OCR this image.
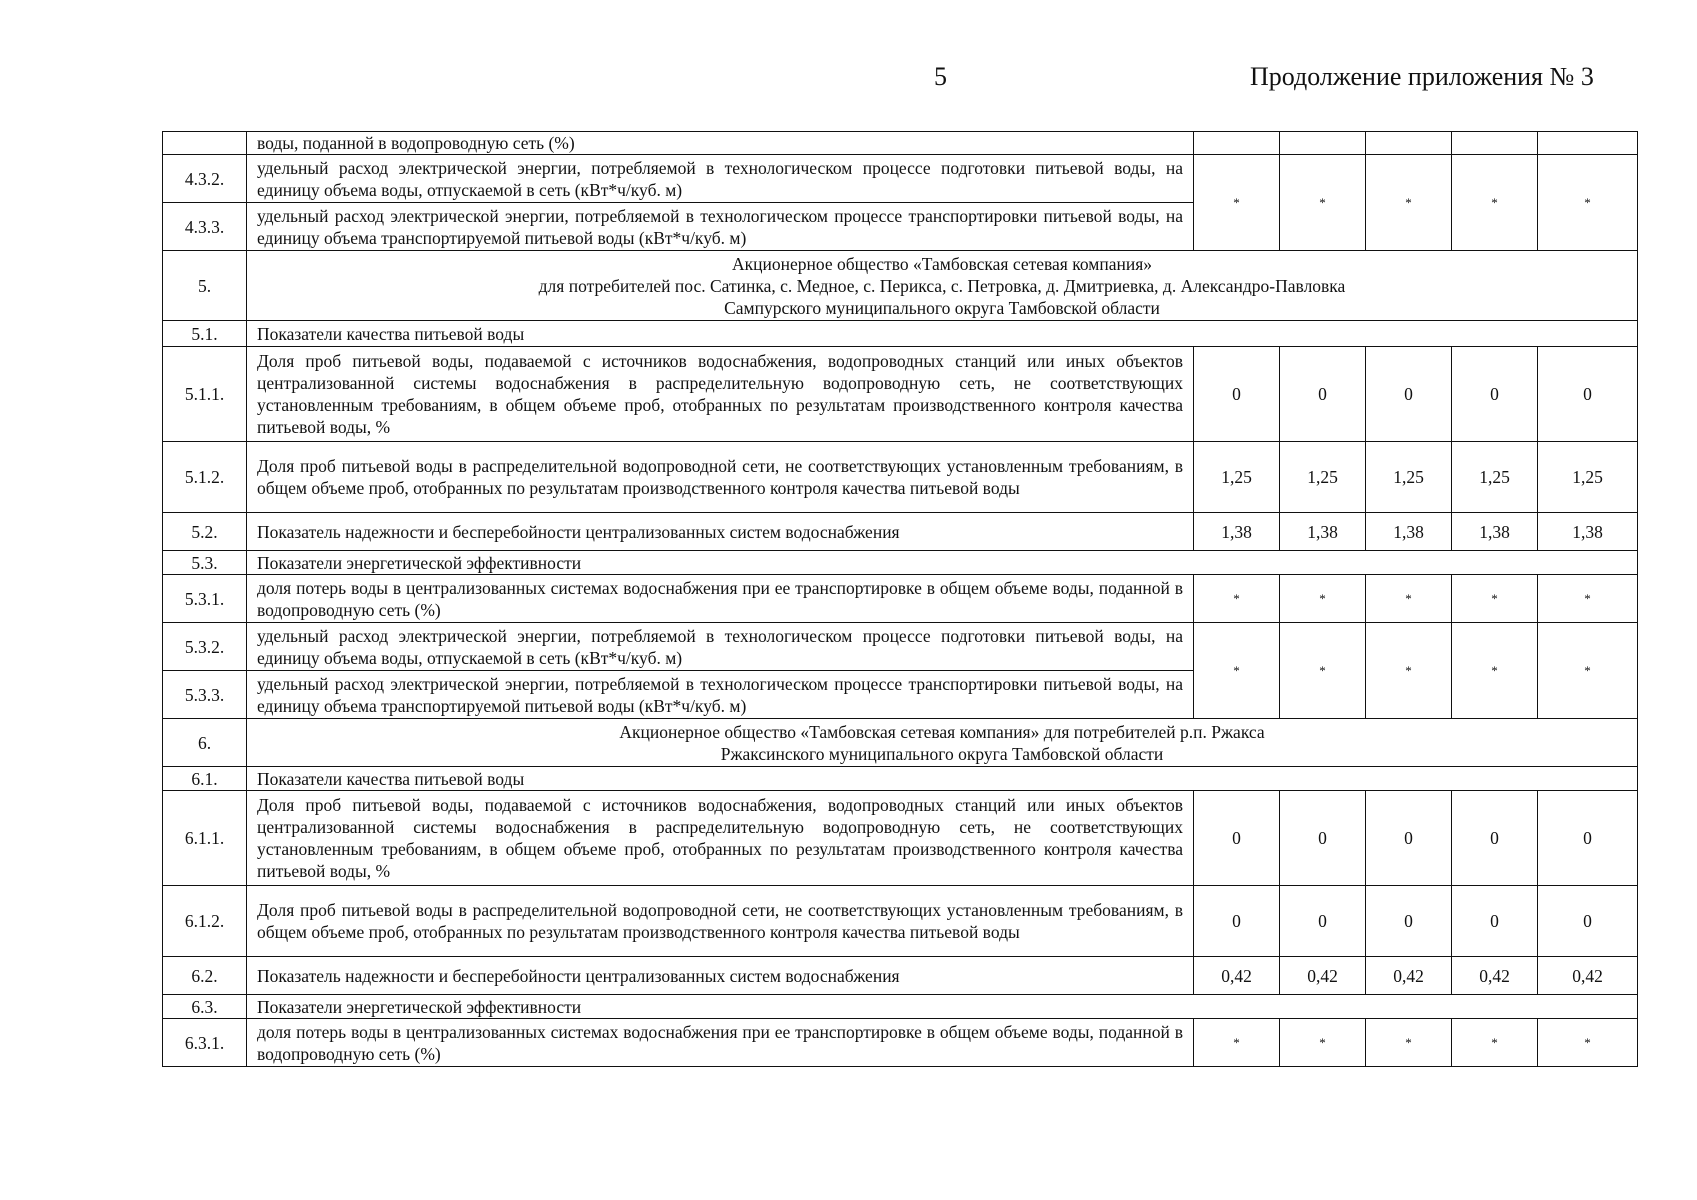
5	Продолжение приложения № 3
	воды, поданной в водопроводную сеть (%)					
4.3.2.	удельный расход электрической энергии, потребляемой в технологическом процессе подготовки питьевой воды, на единицу объема воды, отпускаемой в сеть (кВт*ч/куб. м)	*	*	*	*	*
4.3.3.	удельный расход электрической энергии, потребляемой в технологическом процессе транспортировки питьевой воды, на единицу объема транспортируемой питьевой воды (кВт*ч/куб. м)					
5.	Акционерное общество «Тамбовская сетевая компания»
для потребителей пос. Сатинка, с. Медное, с. Перикса, с. Петровка, д. Дмитриевка, д. Александро-Павловка
Сампурского муниципального округа Тамбовской области					

5.1.	Показатели качества питьевой воды					
5.1.1.	Доля проб питьевой воды, подаваемой с источников водоснабжения, водопроводных станций или иных объектов централизованной системы водоснабжения в распределительную водопроводную сеть, не соответствующих установленным требованиям, в общем объеме проб, отобранных по результатам производственного контроля качества питьевой воды, %	0	0	0	0	0
5.1.2.	Доля проб питьевой воды в распределительной водопроводной сети, не соответствующих установленным требованиям, в общем объеме проб, отобранных по результатам производственного контроля качества питьевой воды	1,25	1,25	1,25	1,25	1,25
5.2.	Показатель надежности и бесперебойности централизованных систем водоснабжения	1,38	1,38	1,38	1,38	1,38
5.3.	Показатели энергетической эффективности					
5.3.1.	доля потерь воды в централизованных системах водоснабжения при ее транспортировке в общем объеме воды, поданной в водопроводную сеть (%)	*	*	*	*	*
5.3.2.	удельный расход электрической энергии, потребляемой в технологическом процессе подготовки питьевой воды, на единицу объема воды, отпускаемой в сеть (кВт*ч/куб. м)	*	*	*	*	*
5.3.3.	удельный расход электрической энергии, потребляемой в технологическом процессе транспортировки питьевой воды, на единицу объема транспортируемой питьевой воды (кВт*ч/куб. м)					
6.	Акционерное общество «Тамбовская сетевая компания» для потребителей р.п. Ржакса
Ржаксинского муниципального округа Тамбовской области					

6.1.	Показатели качества питьевой воды					
6.1.1.	Доля проб питьевой воды, подаваемой с источников водоснабжения, водопроводных станций или иных объектов централизованной системы водоснабжения в распределительную водопроводную сеть, не соответствующих установленным требованиям, в общем объеме проб, отобранных по результатам производственного контроля качества питьевой воды, %	0	0	0	0	0
6.1.2.	Доля проб питьевой воды в распределительной водопроводной сети, не соответствующих установленным требованиям, в общем объеме проб, отобранных по результатам производственного контроля качества питьевой воды	0	0	0	0	0
6.2.	Показатель надежности и бесперебойности централизованных систем водоснабжения	0,42	0,42	0,42	0,42	0,42
6.3.	Показатели энергетической эффективности					
6.3.1.	доля потерь воды в централизованных системах водоснабжения при ее транспортировке в общем объеме воды, поданной в водопроводную сеть (%)	*	*	*	*	*
